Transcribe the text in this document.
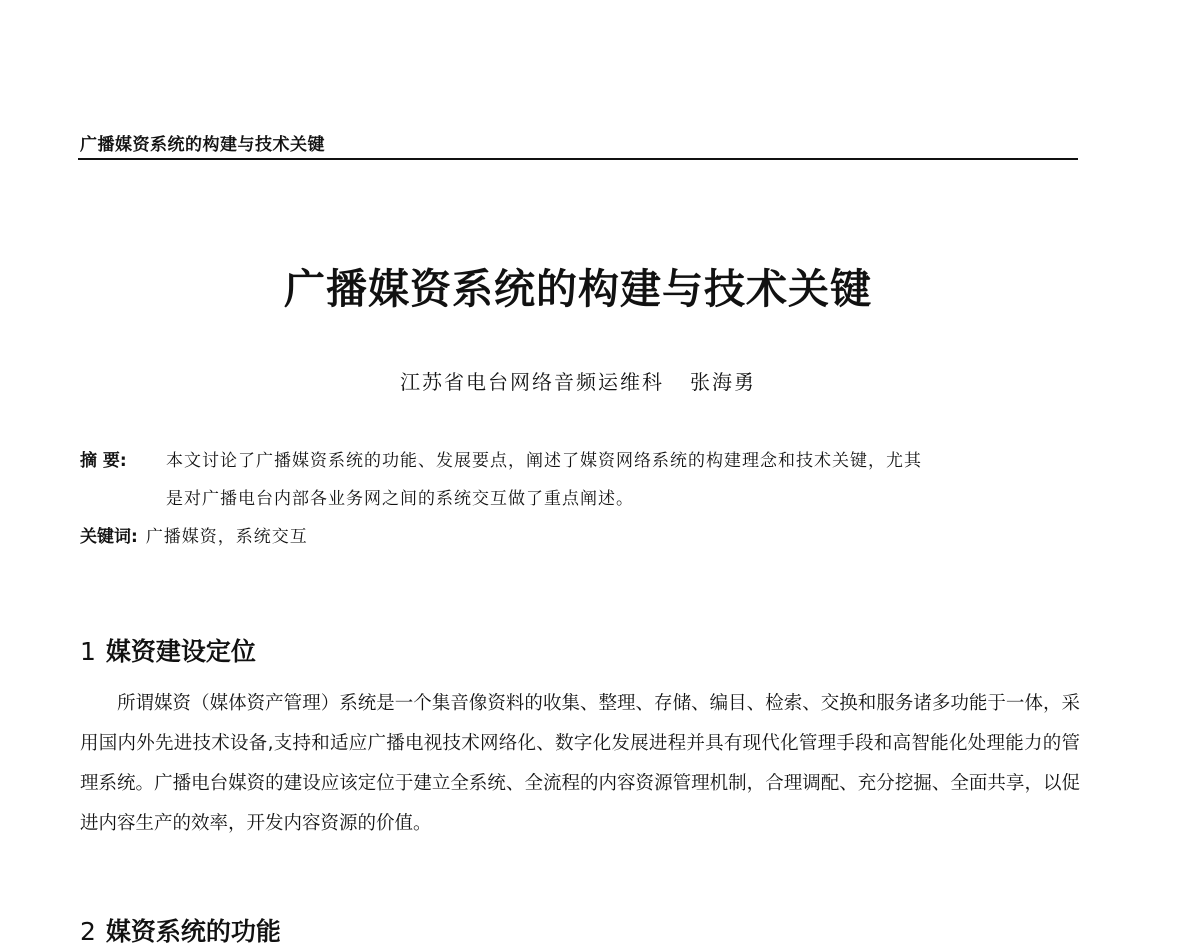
广播媒资系统的构建与技术关键
广播媒资系统的构建与技术关键
江苏省电台网络音频运维科 张海勇
摘 要: 本文讨论了广播媒资系统的功能、发展要点，阐述了媒资网络系统的构建理念和技术关键，尤其
是对广播电台内部各业务网之间的系统交互做了重点阐述。
关键词: 广播媒资，系统交互
1 媒资建设定位

所谓媒资（媒体资产管理）系统是一个集音像资料的收集、整理、存储、编目、检索、交换和服务诸多功能于一体，采用国内外先进技术设备,支持和适应广播电视技术网络化、数字化发展进程并具有现代化管理手段和高智能化处理能力的管理系统。广播电台媒资的建设应该定位于建立全系统、全流程的内容资源管理机制，合理调配、充分挖掘、全面共享，以促进内容生产的效率，开发内容资源的价值。

2 媒资系统的功能
